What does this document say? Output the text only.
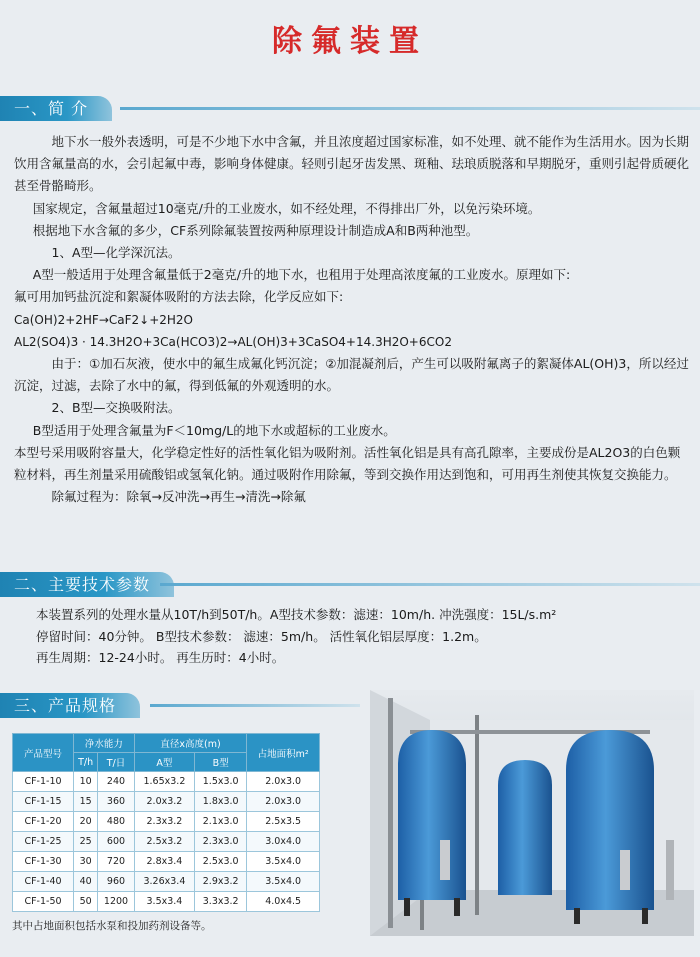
除氟装置
一、简 介

地下水一般外表透明，可是不少地下水中含氟，并且浓度超过国家标准，如不处理、就不能作为生活用水。因为长期饮用含氟量高的水，会引起氟中毒，影响身体健康。轻则引起牙齿发黑、斑釉、珐琅质脱落和早期脱牙，重则引起骨质硬化甚至骨骼畸形。

国家规定，含氟量超过10毫克/升的工业废水，如不经处理，不得排出厂外，以免污染环境。

根据地下水含氟的多少，CF系列除氟装置按两种原理设计制造成A和B两种池型。

1、A型—化学深沉法。

A型一般适用于处理含氟量低于2毫克/升的地下水，也租用于处理高浓度氟的工业废水。原理如下:

氟可用加钙盐沉淀和絮凝体吸附的方法去除，化学反应如下:

Ca(OH)2+2HF→CaF2↓+2H2O

AL2(SO4)3 · 14.3H2O+3Ca(HCO3)2→AL(OH)3+3CaSO4+14.3H2O+6CO2

由于：①加石灰液，使水中的氟生成氟化钙沉淀；②加混凝剂后，产生可以吸附氟离子的絮凝体AL(OH)3，所以经过沉淀，过滤，去除了水中的氟，得到低氟的外观透明的水。

2、B型—交换吸附法。

B型适用于处理含氟量为F＜10mg/L的地下水或超标的工业废水。

本型号采用吸附容量大，化学稳定性好的活性氧化铝为吸附剂。活性氧化铝是具有高孔隙率，主要成份是AL2O3的白色颗粒材料，再生剂量采用硫酸铝或氢氧化钠。通过吸附作用除氟，等到交换作用达到饱和，可用再生剂使其恢复交换能力。

除氟过程为：除氧→反冲洗→再生→清洗→除氟

二、主要技术参数

本装置系列的处理水量从10T/h到50T/h。A型技术参数：滤速：10m/h. 冲洗强度：15L/s.m²

停留时间：40分钟。 B型技术参数： 滤速：5m/h。 活性氧化铝层厚度：1.2m。

再生周期：12-24小时。 再生历时：4小时。

三、产品规格
产品型号	净水能力		直径x高度(m)		占地面积m²
	T/h	T/日	A型	B型	
CF-1-10	10	240	1.65x3.2	1.5x3.0	2.0x3.0
CF-1-15	15	360	2.0x3.2	1.8x3.0	2.0x3.0
CF-1-20	20	480	2.3x3.2	2.1x3.0	2.5x3.5
CF-1-25	25	600	2.5x3.2	2.3x3.0	3.0x4.0
CF-1-30	30	720	2.8x3.4	2.5x3.0	3.5x4.0
CF-1-40	40	960	3.26x3.4	2.9x3.2	3.5x4.0
CF-1-50	50	1200	3.5x3.4	3.3x3.2	4.0x4.5
其中占地面积包括水泵和投加药剂设备等。
